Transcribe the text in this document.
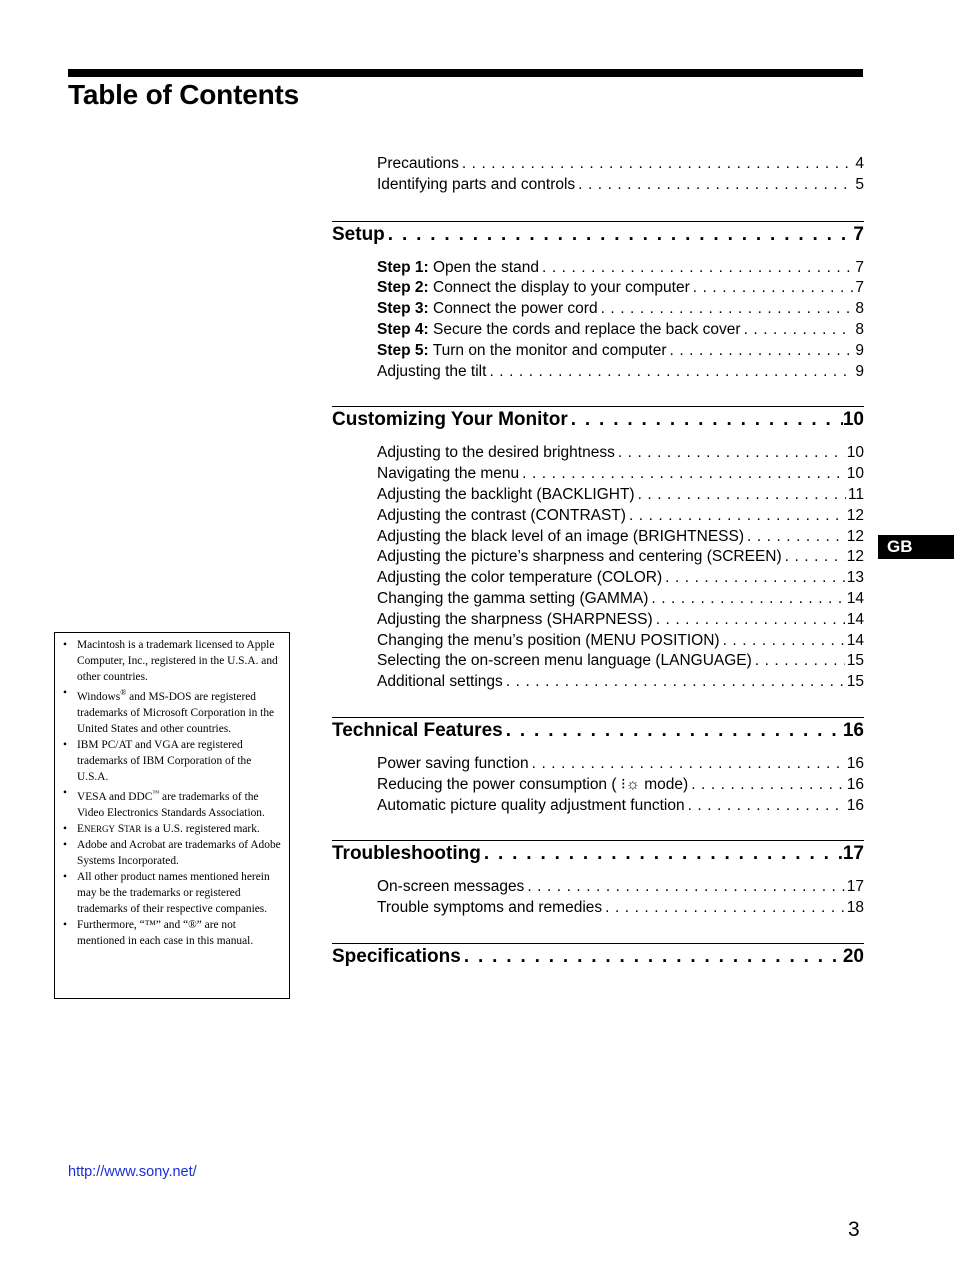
Table of Contents
Precautions . . .	4
Identifying parts and controls . . .	5
Setup . . .	7
Step 1: Open the stand . . .	7
Step 2: Connect the display to your computer . . .	7
Step 3: Connect the power cord . . .	8
Step 4: Secure the cords and replace the back cover . . .	8
Step 5: Turn on the monitor and computer . . .	9
Adjusting the tilt . . .	9
Customizing Your Monitor . . .	10
Adjusting to the desired brightness . . .	10
Navigating the menu . . .	10
Adjusting the backlight (BACKLIGHT) . . .	11
Adjusting the contrast (CONTRAST) . . .	12
Adjusting the black level of an image (BRIGHTNESS) . . .	12
Adjusting the picture’s sharpness and centering (SCREEN) . . .	12
Adjusting the color temperature (COLOR) . . .	13
Changing the gamma setting (GAMMA) . . .	14
Adjusting the sharpness (SHARPNESS) . . .	14
Changing the menu’s position (MENU POSITION) . . .	14
Selecting the on-screen menu language (LANGUAGE) . . .	15
Additional settings . . .	15
Technical Features . . .	16
Power saving function . . .	16
Reducing the power consumption ( ⁝☼ mode) . . .	16
Automatic picture quality adjustment function . . .	16
Troubleshooting . . .	17
On-screen messages . . .	17
Trouble symptoms and remedies . . .	18
Specifications . . .	20
• Macintosh is a trademark licensed to Apple Computer, Inc., registered in the U.S.A. and other countries.
• Windows® and MS-DOS are registered trademarks of Microsoft Corporation in the United States and other countries.
• IBM PC/AT and VGA are registered trademarks of IBM Corporation of the U.S.A.
• VESA and DDC™ are trademarks of the Video Electronics Standards Association.
• ENERGY STAR is a U.S. registered mark.
• Adobe and Acrobat are trademarks of Adobe Systems Incorporated.
• All other product names mentioned herein may be the trademarks or registered trademarks of their respective companies.
• Furthermore, “™” and “®” are not mentioned in each case in this manual.
GB
http://www.sony.net/
3
